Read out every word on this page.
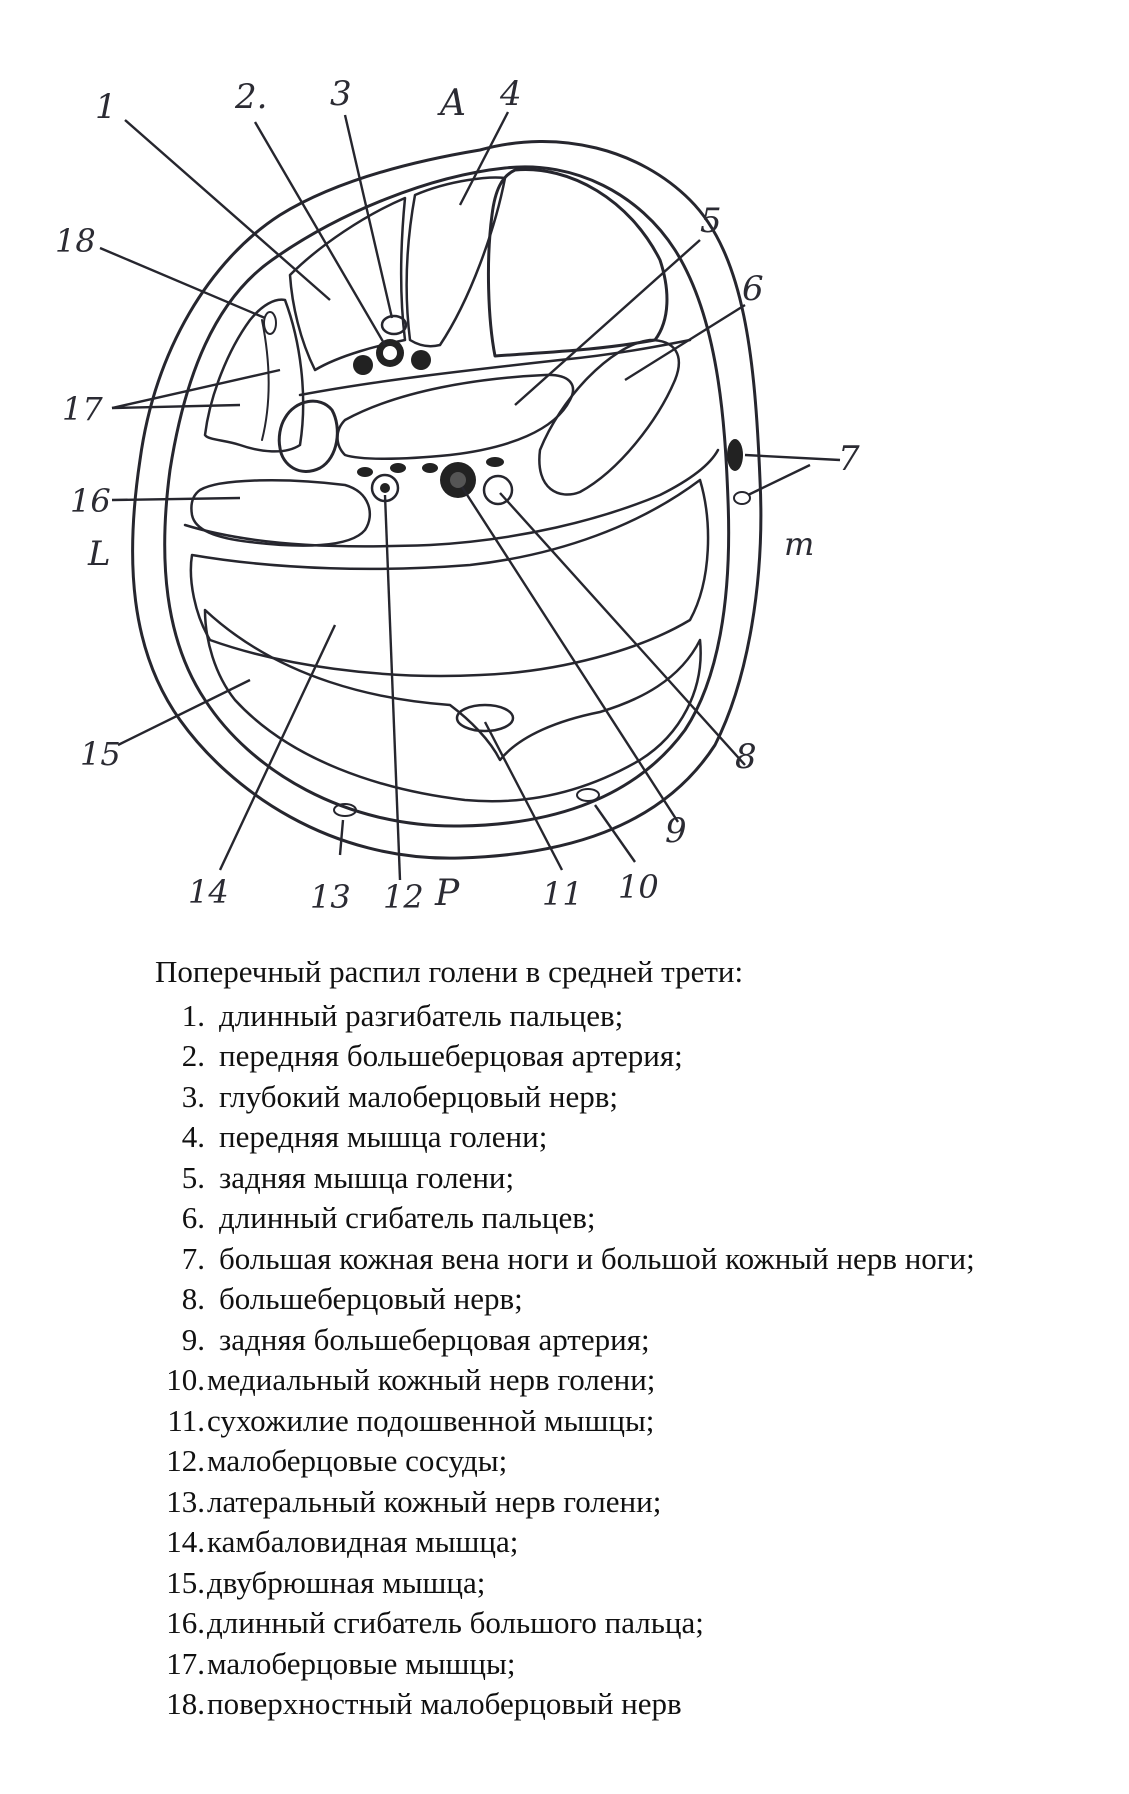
1	2. 3 A 4
5
6
7
m
8
9
10
11
P
12
13
14
15
16
L
17
18
Поперечный распил голени в средней трети:
1. длинный разгибатель пальцев;
2. передняя большеберцовая артерия;
3. глубокий малоберцовый нерв;
4. передняя мышца голени;
5. задняя мышца голени;
6. длинный сгибатель пальцев;
7. большая кожная вена ноги и большой кожный нерв ноги;
8. большеберцовый нерв;
9. задняя большеберцовая артерия;
10. медиальный кожный нерв голени;
11. сухожилие подошвенной мышцы;
12. малоберцовые сосуды;
13. латеральный кожный нерв голени;
14. камбаловидная мышца;
15. двубрюшная мышца;
16. длинный сгибатель большого пальца;
17. малоберцовые мышцы;
18. поверхностный малоберцовый нерв
